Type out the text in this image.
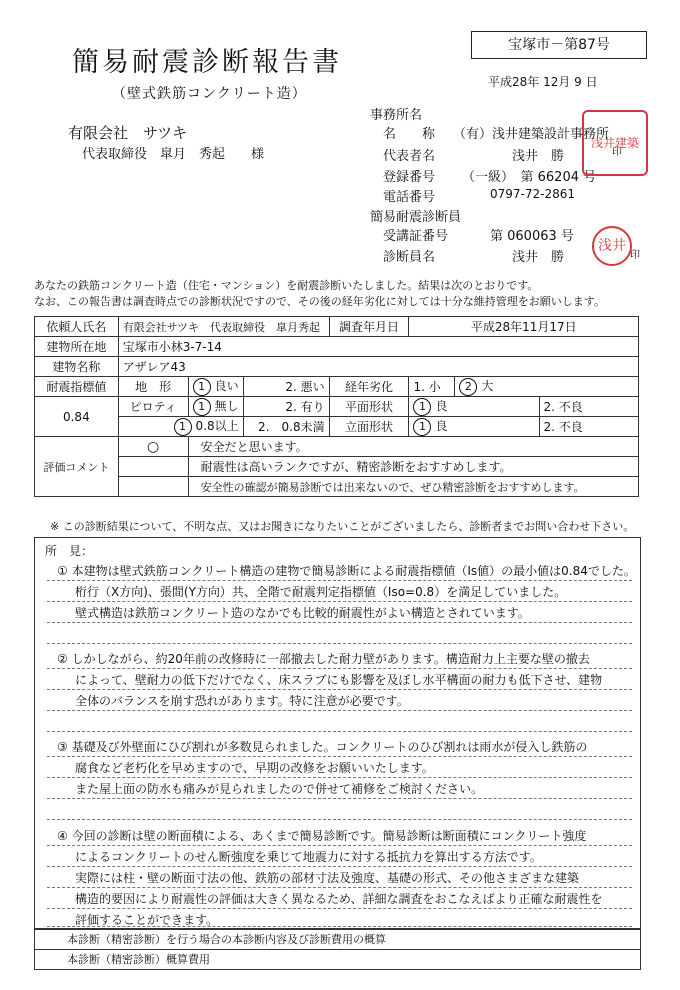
簡易耐震診断報告書
（壁式鉄筋コンクリート造）
宝塚市－第87号
平成28年 12月 9 日
有限会社　サツキ
代表取締役　皐月　秀起　　様
事務所名
名　　称 （有）浅井建築設計事務所
代表者名	浅井　勝	印
登録番号 （一級）　第 66204 号
電話番号	0797-72-2861
浅井建築
簡易耐震診断員
受講証番号	第 060063 号
診断員名	浅井　勝	印
浅井
あなたの鉄筋コンクリート造（住宅・マンション）を耐震診断いたしました。結果は次のとおりです。
なお、この報告書は調査時点での診断状況ですので、その後の経年劣化に対しては十分な維持管理をお願いします。
依頼人氏名	有限会社サツキ　代表取締役　皐月秀起			調査年月日	平成28年11月17日		
建物所在地	宝塚市小林3-7-14						
建物名称	アザレア43						
耐震指標値	地　形	1 良い	2. 悪い	経年劣化	1. 小	2 大	
0.84	ピロティ	1 無し	2. 有り	平面形状	1 良		2. 不良
	1 0.8以上		2.　0.8未満	立面形状	1 良		2. 不良
評価コメント	○	安全だと思います。					
		耐震性は高いランクですが、精密診断をおすすめします。					
		安全性の確認が簡易診断では出来ないので、ぜひ精密診断をおすすめします。					
※ この診断結果について、不明な点、又はお聞きになりたいことがございましたら、診断者までお問い合わせ下さい。
所　見：
① 本建物は壁式鉄筋コンクリート構造の建物で簡易診断による耐震指標値（Is値）の最小値は0.84でした。
桁行（X方向)、張間(Y方向）共、全階で耐震判定指標値（Iso=0.8）を満足していました。
壁式構造は鉄筋コンクリート造のなかでも比較的耐震性がよい構造とされています。
② しかしながら、約20年前の改修時に一部撤去した耐力壁があります。構造耐力上主要な壁の撤去
によって、壁耐力の低下だけでなく、床スラブにも影響を及ぼし水平構面の耐力も低下させ、建物
全体のバランスを崩す恐れがあります。特に注意が必要です。
③ 基礎及び外壁面にひび割れが多数見られました。コンクリートのひび割れは雨水が侵入し鉄筋の
腐食など老朽化を早めますので、早期の改修をお願いいたします。
また屋上面の防水も痛みが見られましたので併せて補修をご検討ください。
④ 今回の診断は壁の断面積による、あくまで簡易診断です。簡易診断は断面積にコンクリート強度
によるコンクリートのせん断強度を乗じて地震力に対する抵抗力を算出する方法です。
実際には柱・壁の断面寸法の他、鉄筋の部材寸法及強度、基礎の形式、その他さまざまな建築
構造的要因により耐震性の評価は大きく異なるため、詳細な調査をおこなえばより正確な耐震性を
評価することができます。
本診断（精密診断）を行う場合の本診断内容及び診断費用の概算
本診断（精密診断）概算費用
